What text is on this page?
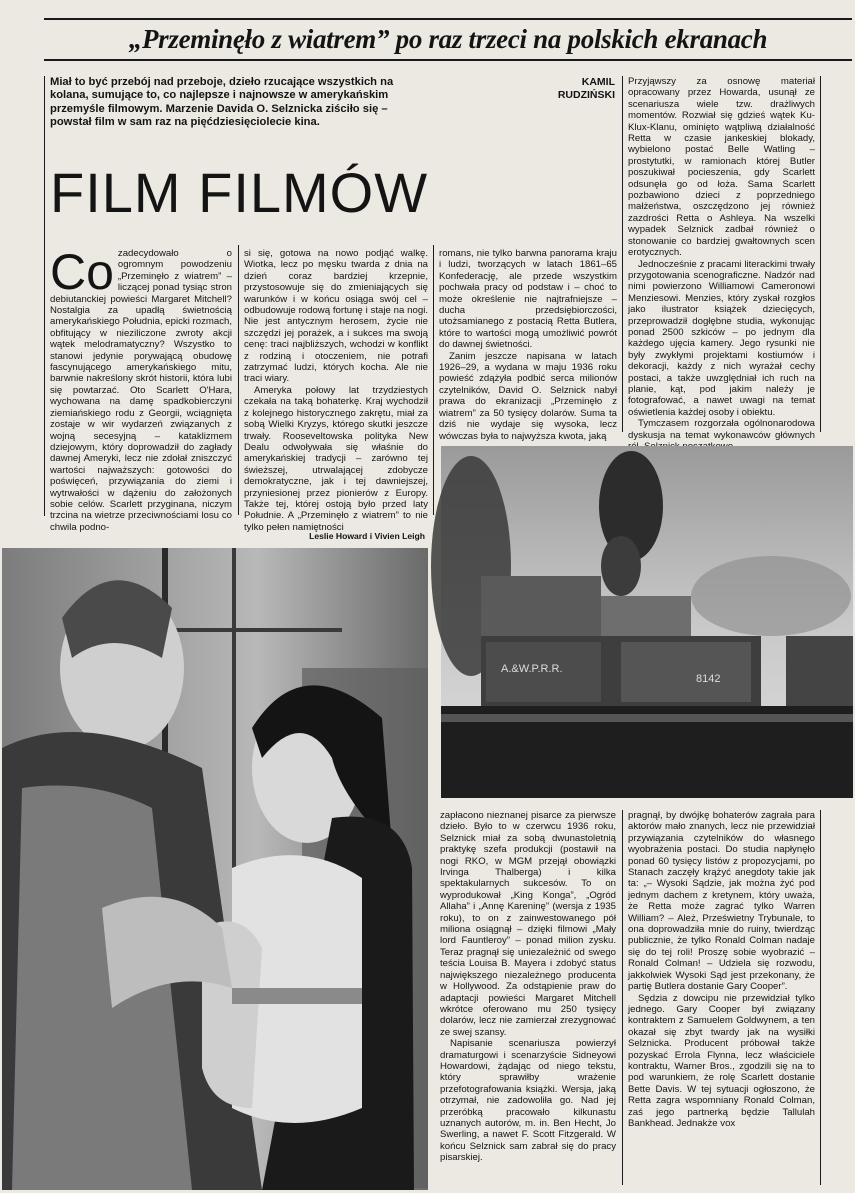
„Przeminęło z wiatrem” po raz trzeci na polskich ekranach
Miał to być przebój nad przeboje, dzieło rzucające wszystkich na kolana, sumujące to, co najlepsze i najnowsze w amerykańskim przemyśle filmowym. Marzenie Davida O. Selznicka ziściło się – powstał film w sam raz na pięćdziesięciolecie kina.
KAMIL
RUDZIŃSKI
FILM FILMÓW
Co zadecydowało o ogromnym powodzeniu „Przeminęło z wiatrem” – liczącej ponad tysiąc stron debiutanckiej powieści Margaret Mitchell? Nostalgia za upadłą świetnością amerykańskiego Południa, epicki rozmach, obfitujący w nieziliczone zwroty akcji wątek melodramatyczny? Wszystko to stanowi jedynie porywającą obudowę fascynującego amerykańskiego mitu, barwnie nakreślony skrót historii, która lubi się powtarzać. Oto Scarlett O'Hara, wychowana na damę spadkobierczyni ziemiańskiego rodu z Georgii, wciągnięta zostaje w wir wydarzeń związanych z wojną secesyjną – kataklizmem dziejowym, który doprowadził do zagłady dawnej Ameryki, lecz nie zdołał zniszczyć wartości najważszych: gotowości do poświęceń, przywiązania do ziemi i wytrwałości w dążeniu do założonych sobie celów. Scarlett przyginana, niczym trzcina na wietrze przeciwnościami losu co chwila podno-

si się, gotowa na nowo podjąć walkę. Wiotka, lecz po męsku twarda z dnia na dzień coraz bardziej krzepnie, przystosowuje się do zmieniających się warunków i w końcu osiąga swój cel – odbudowuje rodową fortunę i staje na nogi. Nie jest antycznym herosem, życie nie szczędzi jej porażek, a i sukces ma swoją cenę: traci najbliższych, wchodzi w konflikt z rodziną i otoczeniem, nie potrafi zatrzymać ludzi, których kocha. Ale nie traci wiary.

Ameryka połowy lat trzydziestych czekała na taką bohaterkę. Kraj wychodził z kolejnego historycznego zakrętu, miał za sobą Wielki Kryzys, którego skutki jeszcze trwały. Rooseveltowska polityka New Dealu odwoływała się właśnie do amerykańskiej tradycji – zarówno tej świeższej, utrwalającej zdobycze demokratyczne, jak i tej dawniejszej, przyniesionej przez pionierów z Europy. Także tej, której ostoją było przed laty Południe. A „Przeminęło z wiatrem” to nie tylko pełen namiętności

romans, nie tylko barwna panorama kraju i ludzi, tworzących w latach 1861–65 Konfederację, ale przede wszystkim pochwała pracy od podstaw i – choć to może określenie nie najtrafniejsze – ducha przedsiębiorczości, utożsamianego z postacią Retta Butlera, które to wartości mogą umożliwić powrót do dawnej świetności.

Zanim jeszcze napisana w latach 1926–29, a wydana w maju 1936 roku powieść zdążyła podbić serca milionów czytelników, David O. Selznick nabył prawa do ekranizacji „Przeminęło z wiatrem” za 50 tysięcy dolarów. Suma ta dziś nie wydaje się wysoka, lecz wówczas była to najwyższa kwota, jaką

Przyjąwszy za osnowę materiał opracowany przez Howarda, usunął ze scenariusza wiele tzw. drażliwych momentów. Rozwiał się gdzieś wątek Ku-Klux-Klanu, ominięto wątpliwą działalność Retta w czasie jankeskiej blokady, wybielono postać Belle Watling – prostytutki, w ramionach której Butler poszukiwał pocieszenia, gdy Scarlett odsunęła go od łoża. Sama Scarlett pozbawiono dzieci z poprzedniego małżeństwa, oszczędzono jej również zazdrości Retta o Ashleya. Na wszelki wypadek Selznick zadbał również o stonowanie co bardziej gwałtownych scen erotycznych.

Jednocześnie z pracami literackimi trwały przygotowania scenograficzne. Nadzór nad nimi powierzono Williamowi Cameronowi Menziesowi. Menzies, który zyskał rozgłos jako ilustrator książek dziecięcych, przeprowadził dogłębne studia, wykonując ponad 2500 szkiców – po jednym dla każdego ujęcia kamery. Jego rysunki nie były zwykłymi projektami kostiumów i dekoracji, każdy z nich wyrażał cechy postaci, a także uwzględniał ich ruch na planie, kąt, pod jakim należy je fotografować, a nawet uwagi na temat oświetlenia każdej osoby i obiektu.

Tymczasem rozgorzała ogólnonarodowa dyskusja na temat wykonawców głównych

Leslie Howard i Vivien Leigh
A.&W.P.R.R.
8142

zapłacono nieznanej pisarce za pierwsze dzieło. Było to w czerwcu 1936 roku, Selznick miał za sobą dwunastoletnią praktykę szefa produkcji (postawił na nogi RKO, w MGM przejął obowiązki Irvinga Thalberga) i kilka spektakularnych sukcesów. To on wyprodukował „King Konga”, „Ogród Allaha” i „Annę Kareninę” (wersja z 1935 roku), to on z zainwestowanego pół miliona osiągnął – dzięki filmowi „Mały lord Fauntleroy” – ponad milion zysku. Teraz pragnął się uniezależnić od swego teścia Louisa B. Mayera i zdobyć status największego niezależnego producenta w Hollywood. Za odstąpienie praw do adaptacji powieści Margaret Mitchell wkrótce oferowano mu 250 tysięcy dolarów, lecz nie zamierzał zrezygnować ze swej szansy.

Napisanie scenariusza powierzył dramaturgowi i scenarzyście Sidneyowi Howardowi, żądając od niego tekstu, który sprawiłby wrażenie przefotografowania książki. Wersja, jaką otrzymał, nie zadowoliła go. Nad jej przeróbką pracowało kilkunastu uznanych autorów, m. in. Ben Hecht, Jo Swerling, a nawet F. Scott Fitzgerald. W końcu Selznick sam zabrał się do pracy pisarskiej.

pragnął, by dwójkę bohaterów zagrała para aktorów mało znanych, lecz nie przewidział przywiązania czytelników do własnego wyobrażenia postaci. Do studia napłynęło ponad 60 tysięcy listów z propozycjami, po Stanach zaczęły krążyć anegdoty takie jak ta: „– Wysoki Sądzie, jak można żyć pod jednym dachem z kretynem, który uważa, że Retta może zagrać tylko Warren William? – Ależ, Prześwietny Trybunale, to ona doprowadziła mnie do ruiny, twierdząc publicznie, że tylko Ronald Colman nadaje się do tej roli! Proszę sobie wyobrazić – Ronald Colman! – Udziela się rozwodu, jakkolwiek Wysoki Sąd jest przekonany, że partię Butlera dostanie Gary Cooper”.

Sędzia z dowcipu nie przewidział tylko jednego. Gary Cooper był związany kontraktem z Samuelem Goldwynem, a ten okazał się zbyt twardy jak na wysiłki Selznicka. Producent próbował także pozyskać Errola Flynna, lecz właściciele kontraktu, Warner Bros., zgodzili się na to pod warunkiem, że rolę Scarlett dostanie Bette Davis. W tej sytuacji ogłoszono, że Retta zagra wspomniany Ronald Colman, zaś jego partnerką będzie Tallulah Bankhead. Jednakże vox
